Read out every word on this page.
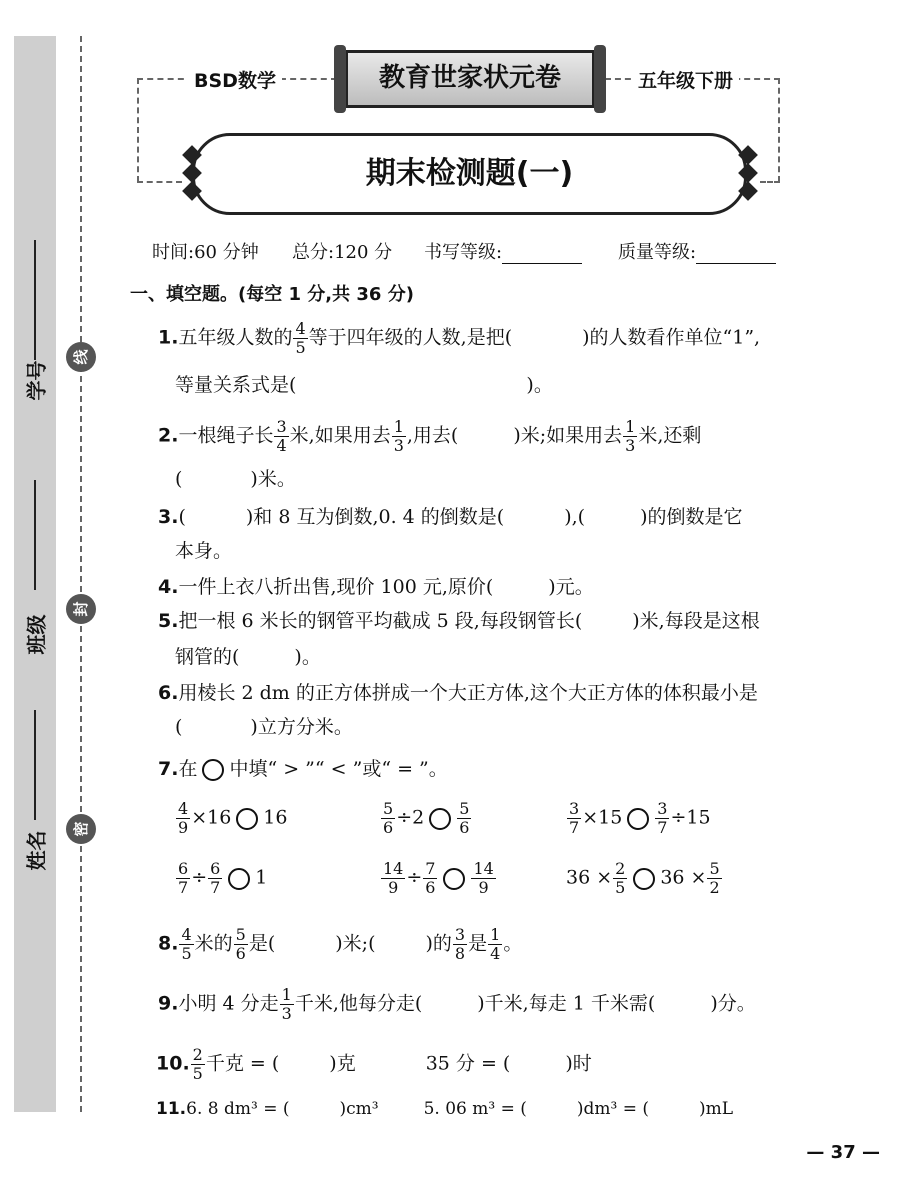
学号
班级
姓名
线
封
密
BSD数学	教育世家状元卷	五年级下册
期末检测题(一)
时间:60 分钟 总分:120 分 书写等级:	质量等级:
一、填空题。(每空 1 分,共 36 分)
1.五年级人数的 $\frac{4}{5}$ 等于四年级的人数,是把(	)的人数看作单位“1”,
等量关系式是(	)。
2.一根绳子长 $\frac{3}{4}$ 米,如果用去 $\frac{1}{3}$ ,用去(	)米;如果用去 $\frac{1}{3}$ 米,还剩
(	)米。
3.(	)和 8 互为倒数,0. 4 的倒数是(	),(	)的倒数是它
本身。
4.一件上衣八折出售,现价 100 元,原价(	)元。
5.把一根 6 米长的钢管平均截成 5 段,每段钢管长(	)米,每段是这根
钢管的(	)。
6.用棱长 2 dm 的正方体拼成一个大正方体,这个大正方体的体积最小是
(	)立方分米。
7.在 中填“ > ”“ < ”或“ = ”。
$\frac{4}{9} \times 16$ 16	$\frac{5}{6} \div 2 \frac{5}{6}$	$\frac{3}{7} \times 15 \frac{3}{7} \div 15$
$\frac{6}{7} \div \frac{6}{7} 1$	$\frac{14}{9} \div \frac{7}{6} \frac{14}{9}$	$36 \times \frac{2}{5} 36 \times \frac{5}{2}$
8. $\frac{4}{5}$ 米的 $\frac{5}{6}$ 是(	)米;(	)的 $\frac{3}{8}$ 是 $\frac{1}{4}$ 。
9.小明 4 分走 $\frac{1}{3}$ 千米,他每分走(	)千米,每走 1 千米需(	)分。
10. $\frac{2}{5}$ 千克 = (	)克	35 分 = (	)时
11.6. 8 dm³ = (	)cm³	5. 06 m³ = (	)dm³ = (	)mL
— 37 —
